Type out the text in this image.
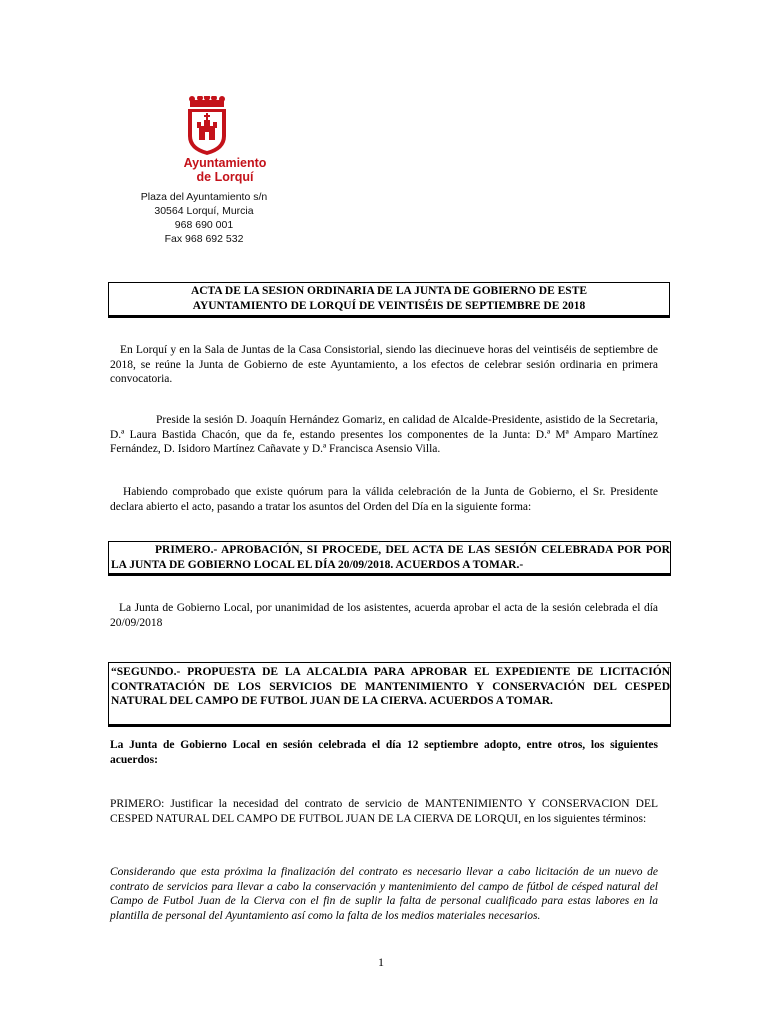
Ayuntamiento
de Lorquí
Plaza del Ayuntamiento s/n
30564 Lorquí, Murcia
968 690 001
Fax 968 692 532
ACTA DE LA SESION ORDINARIA DE LA JUNTA DE GOBIERNO DE ESTE
AYUNTAMIENTO DE LORQUÍ DE VEINTISÉIS DE SEPTIEMBRE DE 2018
En Lorquí y en la Sala de Juntas de la Casa Consistorial, siendo las diecinueve horas del veintiséis de septiembre de 2018, se reúne la Junta de Gobierno de este Ayuntamiento, a los efectos de celebrar sesión ordinaria en primera convocatoria.
Preside la sesión D. Joaquín Hernández Gomariz, en calidad de Alcalde-Presidente, asistido de la Secretaria, D.ª Laura Bastida Chacón, que da fe, estando presentes los componentes de la Junta: D.ª Mª Amparo Martínez Fernández, D. Isidoro Martínez Cañavate y D.ª Francisca Asensio Villa.
Habiendo comprobado que existe quórum para la válida celebración de la Junta de Gobierno, el Sr. Presidente declara abierto el acto, pasando a tratar los asuntos del Orden del Día en la siguiente forma:
PRIMERO.- APROBACIÓN, SI PROCEDE, DEL ACTA DE LAS SESIÓN CELEBRADA POR POR LA JUNTA DE GOBIERNO LOCAL EL DÍA 20/09/2018. ACUERDOS A TOMAR.-
La Junta de Gobierno Local, por unanimidad de los asistentes, acuerda aprobar el acta de la sesión celebrada el día 20/09/2018
“SEGUNDO.- PROPUESTA DE LA ALCALDIA PARA APROBAR EL EXPEDIENTE DE LICITACIÓN CONTRATACIÓN DE LOS SERVICIOS DE MANTENIMIENTO Y CONSERVACIÓN DEL CESPED NATURAL DEL CAMPO DE FUTBOL JUAN DE LA CIERVA. ACUERDOS A TOMAR.
La Junta de Gobierno Local en sesión celebrada el día 12 septiembre adopto, entre otros, los siguientes acuerdos:
PRIMERO: Justificar la necesidad del contrato de servicio de MANTENIMIENTO Y CONSERVACION DEL CESPED NATURAL DEL CAMPO DE FUTBOL JUAN DE LA CIERVA DE LORQUI, en los siguientes términos:
Considerando que esta próxima la finalización del contrato es necesario llevar a cabo licitación de un nuevo de contrato de servicios para llevar a cabo la conservación y mantenimiento del campo de fútbol de césped natural del Campo de Futbol Juan de la Cierva con el fin de suplir la falta de personal cualificado para estas labores en la plantilla de personal del Ayuntamiento así como la falta de los medios materiales necesarios.
1
